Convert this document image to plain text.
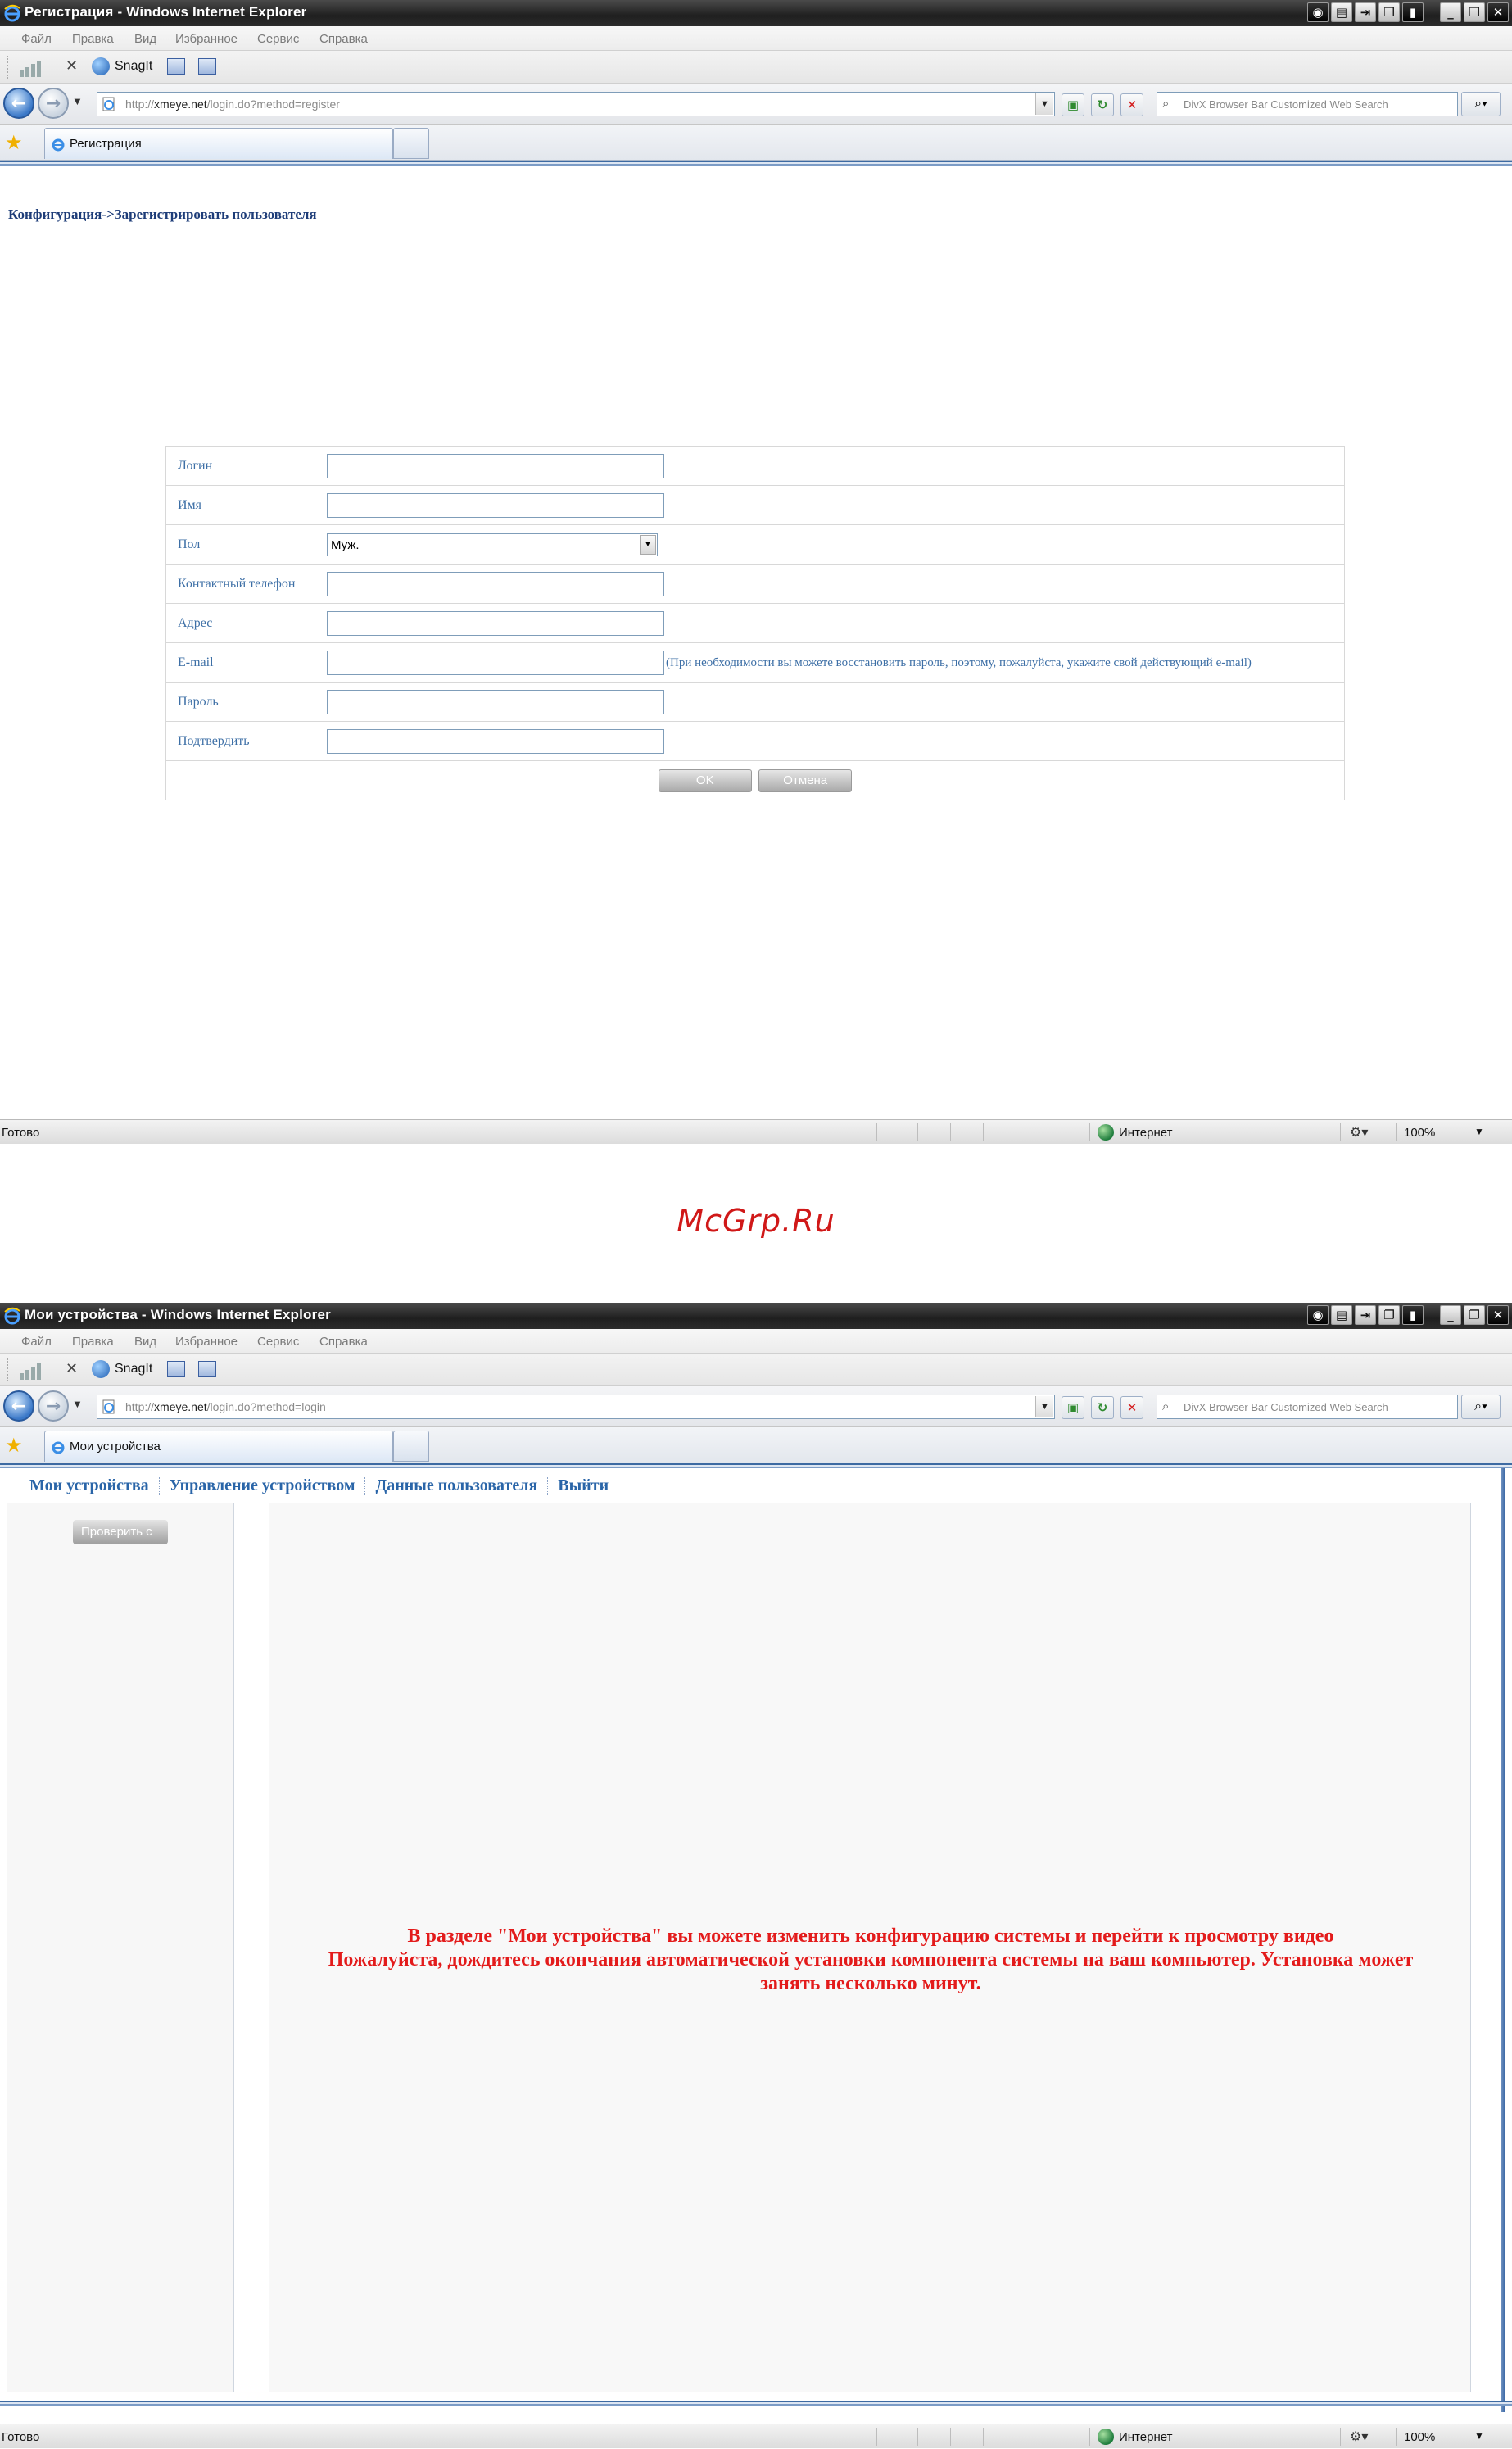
Регистрация - Windows Internet Explorer	◉	▤	⇥	❐	▮	_	❐	✕
Файл Правка Вид Избранное Сервис Справка
✕	SnagIt
←	→	▼	http://xmeye.net/login.do?method=register	▼	▣	↻	✕	⌕ DivX Browser Bar Customized Web Search	⌕▾
★	Регистрация
Конфигурация->Зарегистрировать пользователя
Логин	
Имя	
Пол	Муж. ▼

Контактный телефон	
Адрес	
E-mail	(При необходимости вы можете восстановить пароль, поэтому, пожалуйста, укажите свой действующий e-mail)
Пароль	
Подтвердить	
OK Отмена	
Готово	Интернет	⚙▾	100%	▼
McGrp.Ru
Мои устройства - Windows Internet Explorer	◉	▤	⇥	❐	▮	_	❐	✕
Файл Правка Вид Избранное Сервис Справка
✕	SnagIt
←	→	▼	http://xmeye.net/login.do?method=login	▼	▣	↻	✕	⌕ DivX Browser Bar Customized Web Search	⌕▾
★	Мои устройства
Мои устройства Управление устройством Данные пользователя Выйти
Проверить с
В разделе "Мои устройства" вы можете изменить конфигурацию системы и перейти к просмотру видео
Пожалуйста, дождитесь окончания автоматической установки компонента системы на ваш компьютер. Установка может
занять несколько минут.
Готово	Интернет	⚙▾	100%	▼
